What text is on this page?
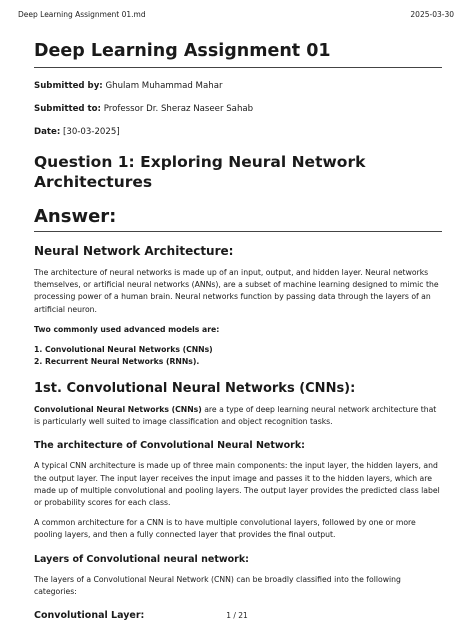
Deep Learning Assignment 01.md	2025-03-30
Deep Learning Assignment 01
Submitted by: Ghulam Muhammad Mahar
Submitted to: Professor Dr. Sheraz Naseer Sahab
Date: [30-03-2025]
Question 1: Exploring Neural Network Architectures
Answer:
Neural Network Architecture:

The architecture of neural networks is made up of an input, output, and hidden layer. Neural networks themselves, or artificial neural networks (ANNs), are a subset of machine learning designed to mimic the processing power of a human brain. Neural networks function by passing data through the layers of an artificial neuron.

Two commonly used advanced models are:

1. Convolutional Neural Networks (CNNs)
2. Recurrent Neural Networks (RNNs).
1st. Convolutional Neural Networks (CNNs):

Convolutional Neural Networks (CNNs) are a type of deep learning neural network architecture that is particularly well suited to image classification and object recognition tasks.

The architecture of Convolutional Neural Network:

A typical CNN architecture is made up of three main components: the input layer, the hidden layers, and the output layer. The input layer receives the input image and passes it to the hidden layers, which are made up of multiple convolutional and pooling layers. The output layer provides the predicted class label or probability scores for each class.

A common architecture for a CNN is to have multiple convolutional layers, followed by one or more pooling layers, and then a fully connected layer that provides the final output.

Layers of Convolutional neural network:

The layers of a Convolutional Neural Network (CNN) can be broadly classified into the following categories:

Convolutional Layer:	1 / 21
